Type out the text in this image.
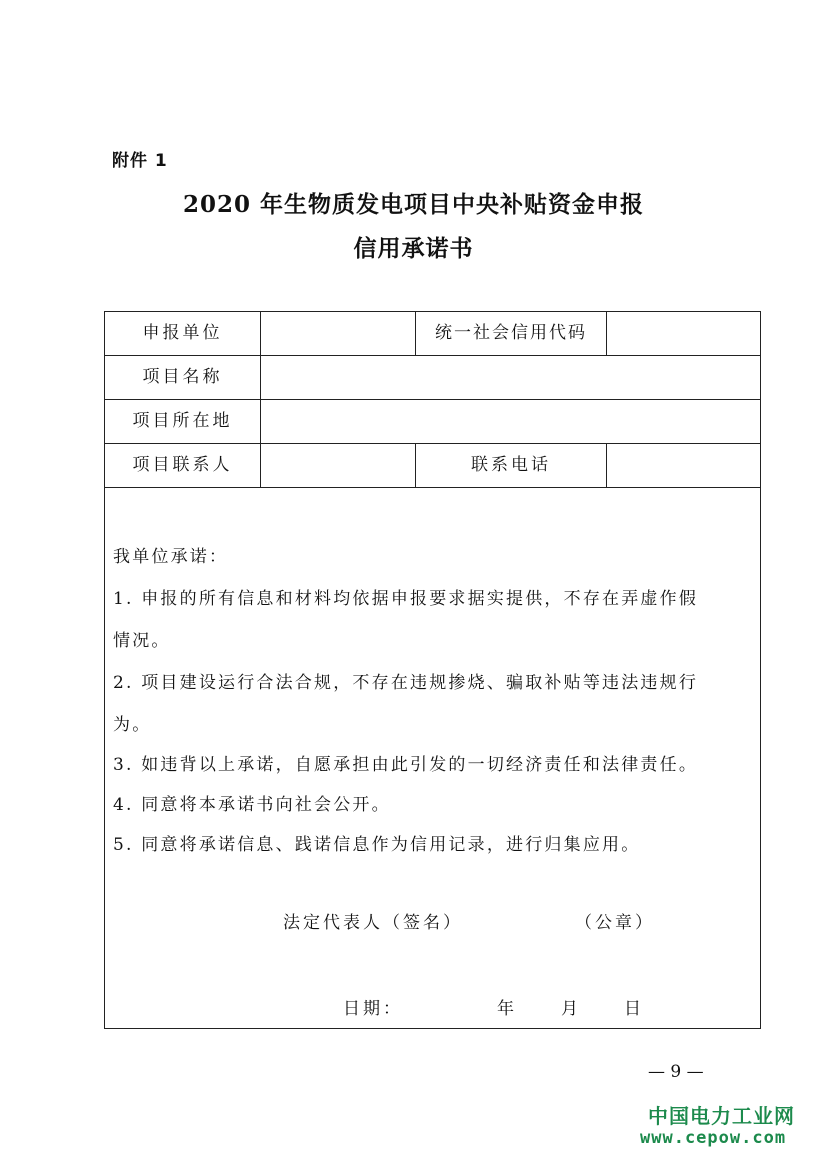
附件 1
2020 年生物质发电项目中央补贴资金申报
信用承诺书
申报单位	统一社会信用代码
项目名称
项目所在地
项目联系人	联系电话
我单位承诺：
1. 申报的所有信息和材料均依据申报要求据实提供，不存在弄虚作假
情况。
2. 项目建设运行合法合规，不存在违规掺烧、骗取补贴等违法违规行
为。
3. 如违背以上承诺，自愿承担由此引发的一切经济责任和法律责任。
4. 同意将本承诺书向社会公开。
5. 同意将承诺信息、践诺信息作为信用记录，进行归集应用。
法定代表人（签名）	（公章）
日期：	年	月	日
— 9 —
中国电力工业网
www.cepow.com
